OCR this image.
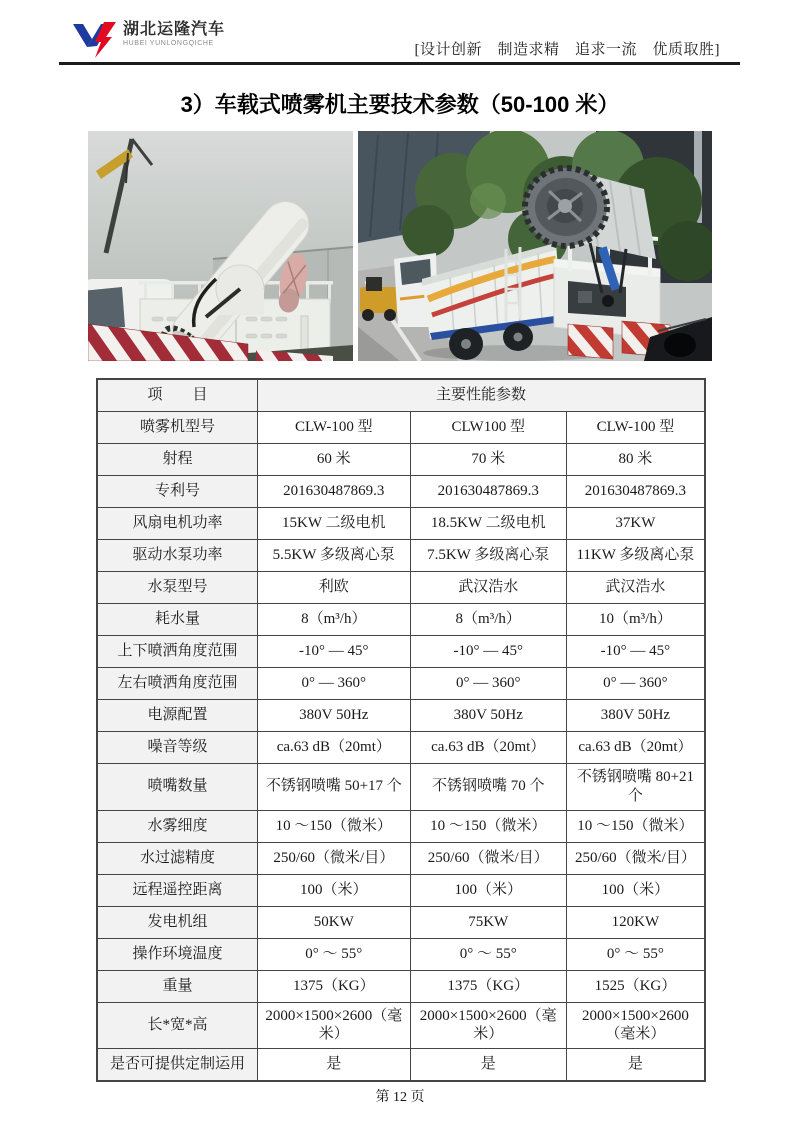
湖北运隆汽车
HUBEI YUNLONGQICHE	[设计创新　制造求精　追求一流　优质取胜]
3）车载式喷雾机主要技术参数（50-100 米）
项　　目	主要性能参数		
喷雾机型号	CLW-100 型	CLW100 型	CLW-100 型
射程	60 米	70 米	80 米
专利号	201630487869.3	201630487869.3	201630487869.3
风扇电机功率	15KW 二级电机	18.5KW 二级电机	37KW
驱动水泵功率	5.5KW 多级离心泵	7.5KW 多级离心泵	11KW 多级离心泵
水泵型号	利欧	武汉浩水	武汉浩水
耗水量	8（m³/h）	8（m³/h）	10（m³/h）
上下喷洒角度范围	-10° — 45°	-10° — 45°	-10° — 45°
左右喷洒角度范围	0° — 360°	0° — 360°	0° — 360°
电源配置	380V 50Hz	380V 50Hz	380V 50Hz
噪音等级	ca.63 dB（20mt）	ca.63 dB（20mt）	ca.63 dB（20mt）
喷嘴数量	不锈钢喷嘴 50+17 个	不锈钢喷嘴 70 个	不锈钢喷嘴 80+21 个
水雾细度	10 ～150（微米）	10 ～150（微米）	10 ～150（微米）
水过滤精度	250/60（微米/目）	250/60（微米/目）	250/60（微米/目）
远程遥控距离	100（米）	100（米）	100（米）
发电机组	50KW	75KW	120KW
操作环境温度	0° ～ 55°	0° ～ 55°	0° ～ 55°
重量	1375（KG）	1375（KG）	1525（KG）
长*宽*高	2000×1500×2600（毫米）	2000×1500×2600（毫米）	2000×1500×2600（毫米）
是否可提供定制运用	是	是	是
第 12 页
